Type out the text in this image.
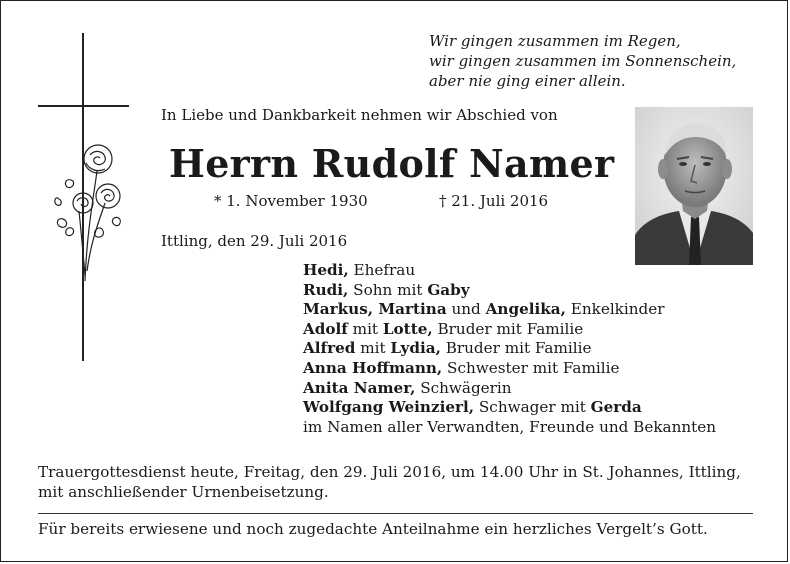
Wir gingen zusammen im Regen,
wir gingen zusammen im Sonnenschein,
aber nie ging einer allein.
In Liebe und Dankbarkeit nehmen wir Abschied von
Herrn Rudolf Namer
* 1. November 1930	† 21. Juli 2016
Ittling, den 29. Juli 2016
Hedi, Ehefrau
Rudi, Sohn mit Gaby
Markus, Martina und Angelika, Enkelkinder
Adolf mit Lotte, Bruder mit Familie
Alfred mit Lydia, Bruder mit Familie
Anna Hoffmann, Schwester mit Familie
Anita Namer, Schwägerin
Wolfgang Weinzierl, Schwager mit Gerda
im Namen aller Verwandten, Freunde und Bekannten
Trauergottesdienst heute, Freitag, den 29. Juli 2016, um 14.00 Uhr in St. Johannes, Ittling, mit anschließender Urnenbeisetzung.
Für bereits erwiesene und noch zugedachte Anteilnahme ein herzliches Vergelt’s Gott.
